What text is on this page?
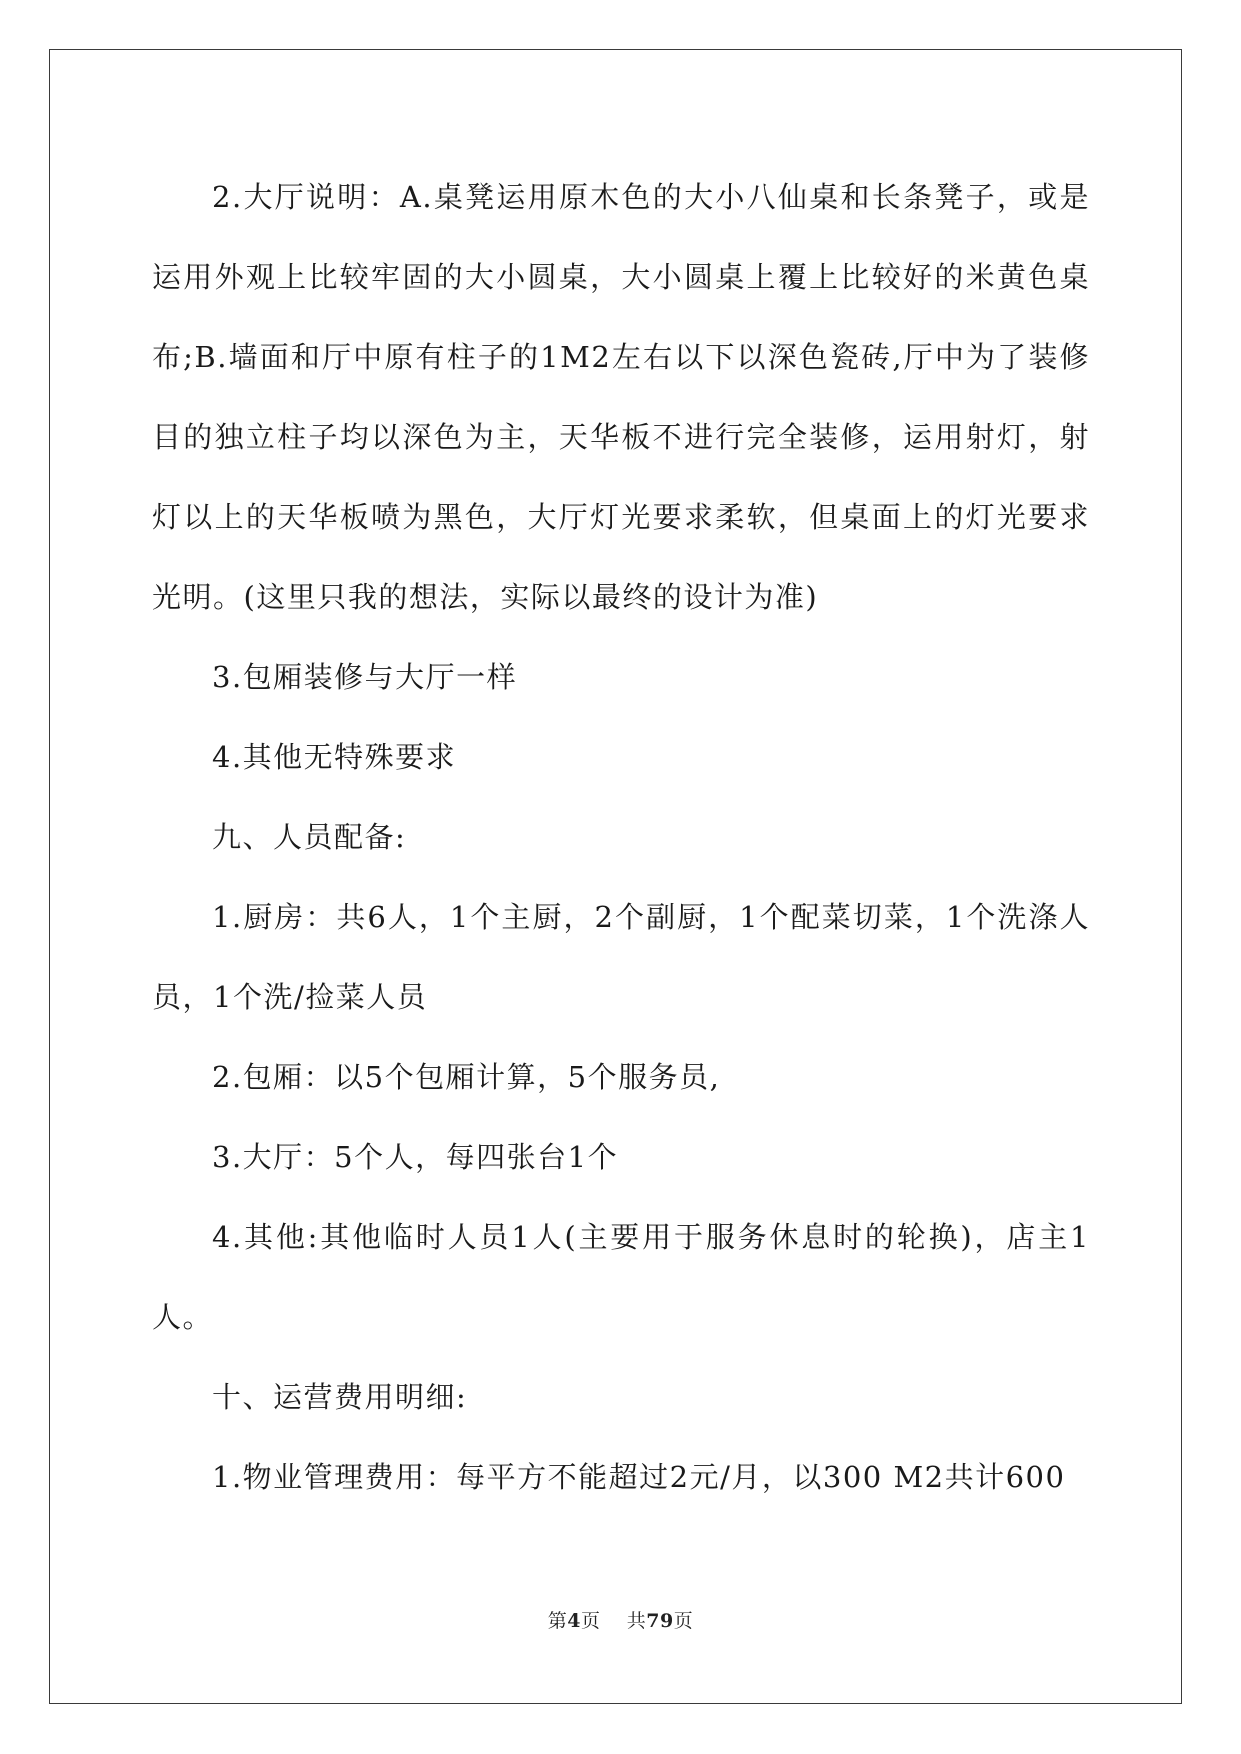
2.大厅说明：A.桌凳运用原木色的大小八仙桌和长条凳子，或是运用外观上比较牢固的大小圆桌，大小圆桌上覆上比较好的米黄色桌布;B.墙面和厅中原有柱子的1M2左右以下以深色瓷砖,厅中为了装修目的独立柱子均以深色为主，天华板不进行完全装修，运用射灯，射灯以上的天华板喷为黑色，大厅灯光要求柔软，但桌面上的灯光要求光明。(这里只我的想法，实际以最终的设计为准)

3.包厢装修与大厅一样

4.其他无特殊要求

九、人员配备:

1.厨房：共6人，1个主厨，2个副厨，1个配菜切菜，1个洗涤人员，1个洗/捡菜人员

2.包厢：以5个包厢计算，5个服务员,

3.大厅：5个人，每四张台1个

4.其他:其他临时人员1人(主要用于服务休息时的轮换)，店主1人。

十、运营费用明细:

1.物业管理费用：每平方不能超过2元/月，以300 M2共计600

第4页 共79页
